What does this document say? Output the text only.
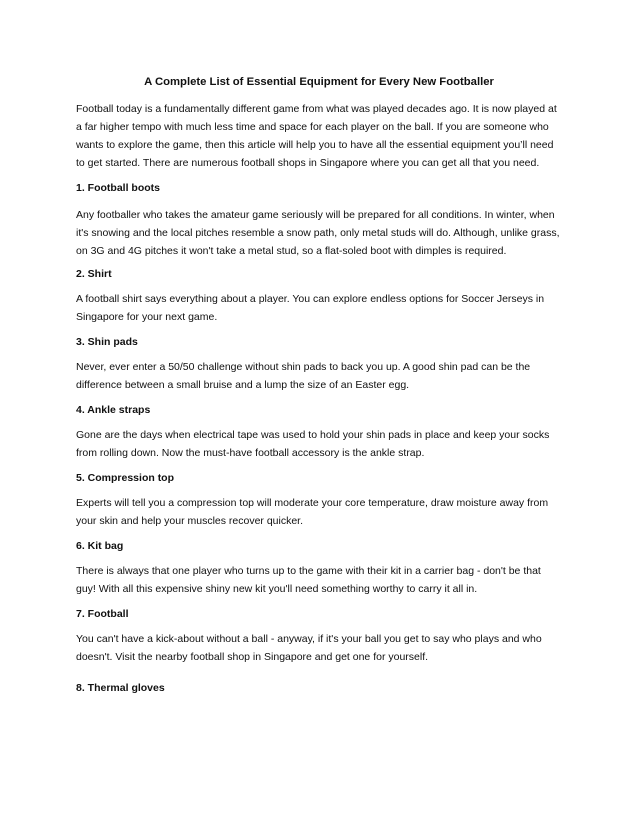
A Complete List of Essential Equipment for Every New Footballer

Football today is a fundamentally different game from what was played decades ago. It is now played at
a far higher tempo with much less time and space for each player on the ball. If you are someone who
wants to explore the game, then this article will help you to have all the essential equipment you’ll need
to get started. There are numerous football shops in Singapore where you can get all that you need.

1. Football boots

Any footballer who takes the amateur game seriously will be prepared for all conditions. In winter, when
it's snowing and the local pitches resemble a snow path, only metal studs will do. Although, unlike grass,
on 3G and 4G pitches it won't take a metal stud, so a flat-soled boot with dimples is required.

2. Shirt

A football shirt says everything about a player. You can explore endless options for Soccer Jerseys in
Singapore for your next game.

3. Shin pads

Never, ever enter a 50/50 challenge without shin pads to back you up. A good shin pad can be the
difference between a small bruise and a lump the size of an Easter egg.

4. Ankle straps

Gone are the days when electrical tape was used to hold your shin pads in place and keep your socks
from rolling down. Now the must-have football accessory is the ankle strap.

5. Compression top

Experts will tell you a compression top will moderate your core temperature, draw moisture away from
your skin and help your muscles recover quicker.

6. Kit bag

There is always that one player who turns up to the game with their kit in a carrier bag - don't be that
guy! With all this expensive shiny new kit you'll need something worthy to carry it all in.

7. Football

You can't have a kick-about without a ball - anyway, if it's your ball you get to say who plays and who
doesn't. Visit the nearby football shop in Singapore and get one for yourself.

8. Thermal gloves
